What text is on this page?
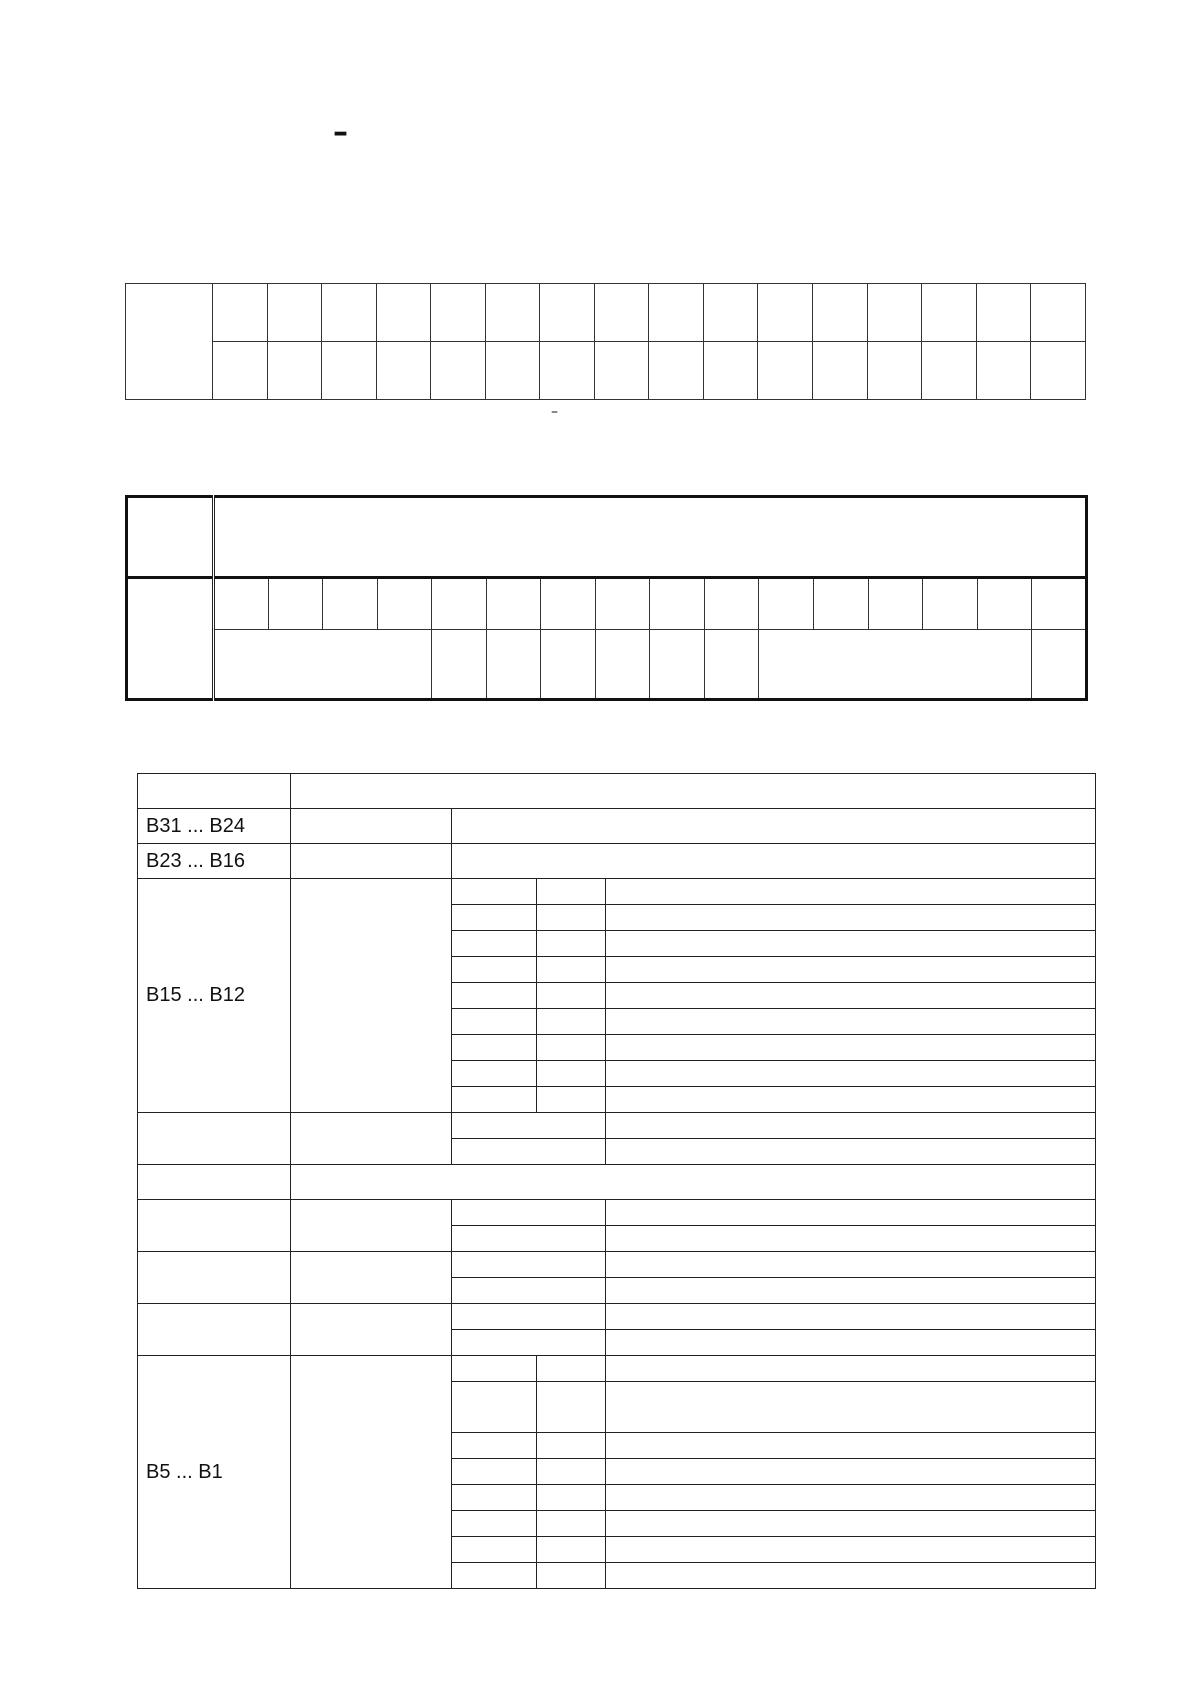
–

–

B31 ... B24				
B23 ... B16				
B15 ... B12				

B5 ... B1				
